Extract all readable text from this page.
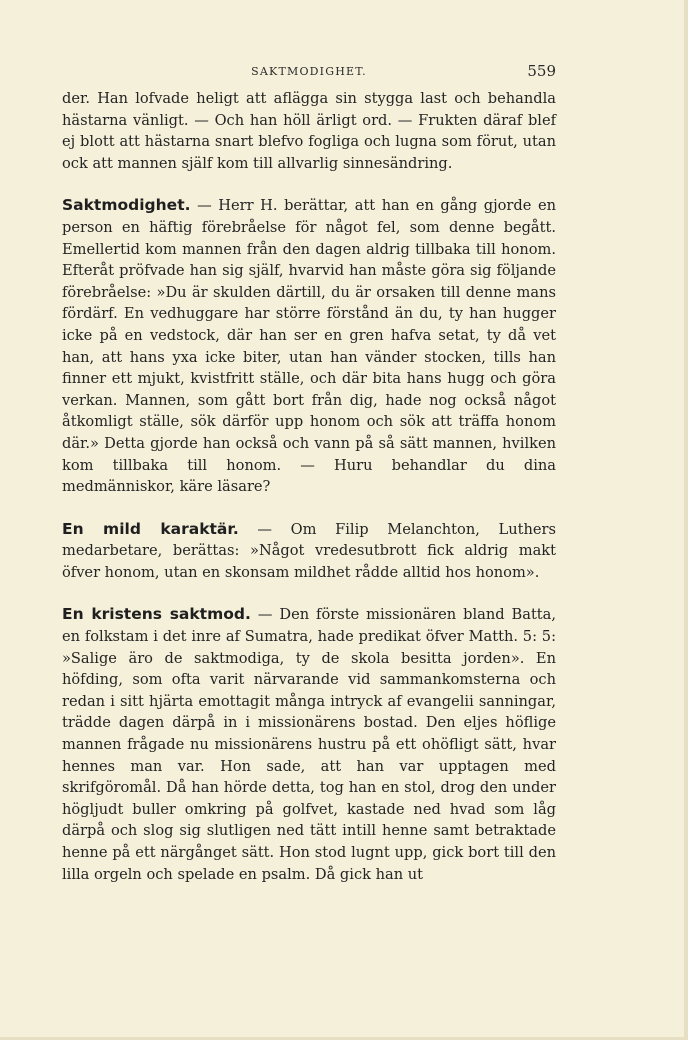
SAKTMODIGHET.	559

der. Han lofvade heligt att aflägga sin stygga last och behandla hästarna vänligt. — Och han höll ärligt ord. — Frukten däraf blef ej blott att hästarna snart blefvo fogliga och lugna som förut, utan ock att mannen själf kom till allvarlig sinnesändring.

Saktmodighet. — Herr H. berättar, att han en gång gjorde en person en häftig förebråelse för något fel, som denne begått. Emellertid kom mannen från den dagen aldrig tillbaka till honom. Efteråt pröfvade han sig själf, hvarvid han måste göra sig följande förebråelse: »Du är skulden därtill, du är orsaken till denne mans fördärf. En vedhuggare har större förstånd än du, ty han hugger icke på en vedstock, där han ser en gren hafva setat, ty då vet han, att hans yxa icke biter, utan han vänder stocken, tills han finner ett mjukt, kvistfritt ställe, och där bita hans hugg och göra verkan. Mannen, som gått bort från dig, hade nog också något åtkomligt ställe, sök därför upp honom och sök att träffa honom där.» Detta gjorde han också och vann på så sätt mannen, hvilken kom tillbaka till honom. — Huru behandlar du dina medmänniskor, käre läsare?

En mild karaktär. — Om Filip Melanchton, Luthers medarbetare, berättas: »Något vredesutbrott fick aldrig makt öfver honom, utan en skonsam mildhet rådde alltid hos honom».

En kristens saktmod. — Den förste missionären bland Batta, en folkstam i det inre af Sumatra, hade predikat öfver Matth. 5: 5: »Salige äro de saktmodiga, ty de skola besitta jorden». En höfding, som ofta varit närvarande vid sammankomsterna och redan i sitt hjärta emottagit många intryck af evangelii sanningar, trädde dagen därpå in i missionärens bostad. Den eljes höflige mannen frågade nu missionärens hustru på ett ohöfligt sätt, hvar hennes man var. Hon sade, att han var upptagen med skrifgöromål. Då han hörde detta, tog han en stol, drog den under högljudt buller omkring på golfvet, kastade ned hvad som låg därpå och slog sig slutligen ned tätt intill henne samt betraktade henne på ett närgånget sätt. Hon stod lugnt upp, gick bort till den lilla orgeln och spelade en psalm. Då gick han ut
